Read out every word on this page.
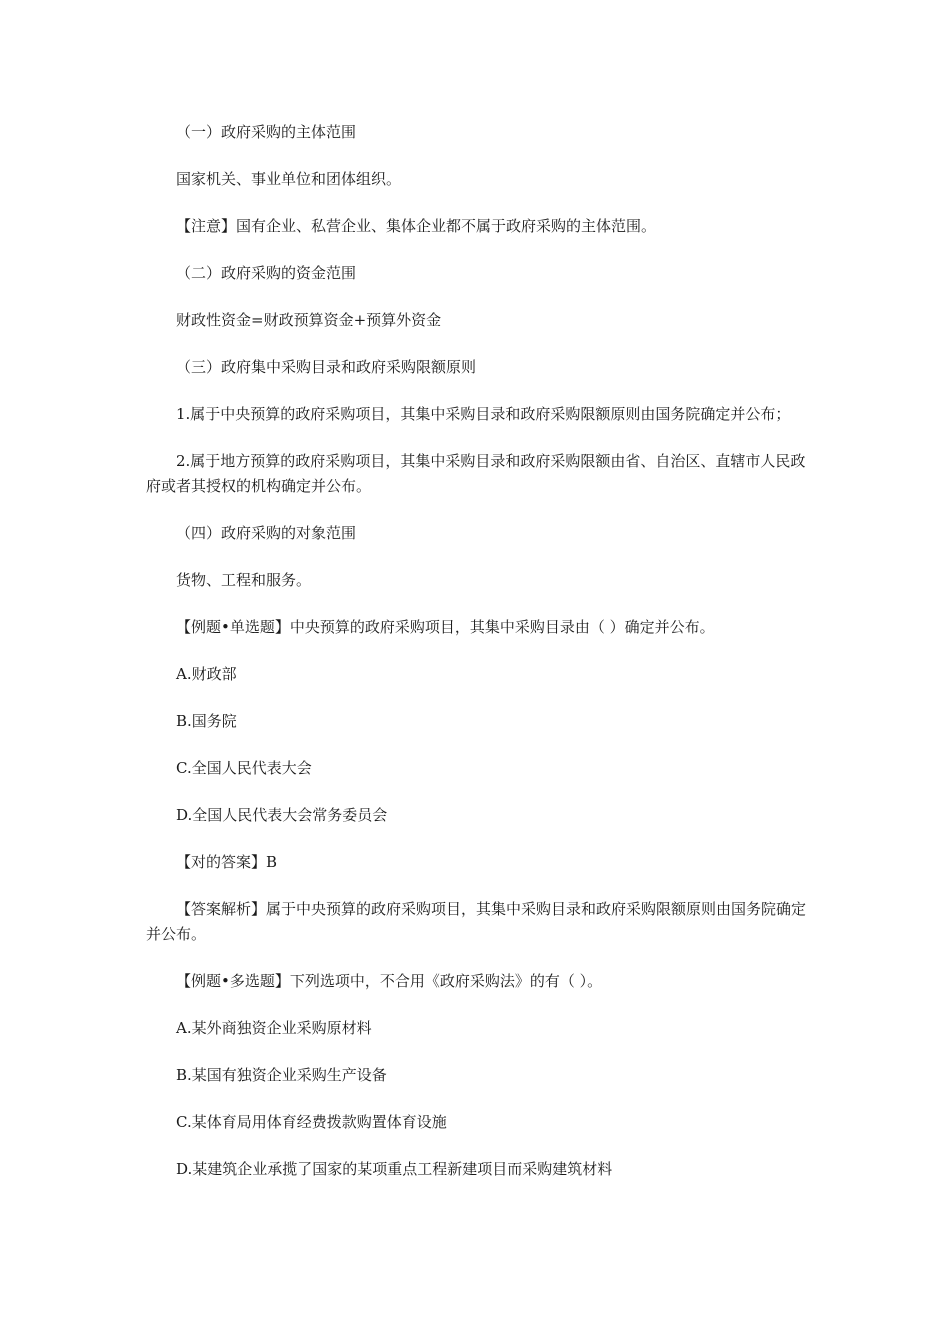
（一）政府采购的主体范围

国家机关、事业单位和团体组织。

【注意】国有企业、私营企业、集体企业都不属于政府采购的主体范围。

（二）政府采购的资金范围

财政性资金=财政预算资金+预算外资金

（三）政府集中采购目录和政府采购限额原则

1.属于中央预算的政府采购项目，其集中采购目录和政府采购限额原则由国务院确定并公布；

2.属于地方预算的政府采购项目，其集中采购目录和政府采购限额由省、自治区、直辖市人民政府或者其授权的机构确定并公布。

（四）政府采购的对象范围

货物、工程和服务。

【例题•单选题】中央预算的政府采购项目，其集中采购目录由（ ）确定并公布。

A.财政部

B.国务院

C.全国人民代表大会

D.全国人民代表大会常务委员会

【对的答案】B

【答案解析】属于中央预算的政府采购项目，其集中采购目录和政府采购限额原则由国务院确定并公布。

【例题•多选题】下列选项中，不合用《政府采购法》的有（ ）。

A.某外商独资企业采购原材料

B.某国有独资企业采购生产设备

C.某体育局用体育经费拨款购置体育设施

D.某建筑企业承揽了国家的某项重点工程新建项目而采购建筑材料
